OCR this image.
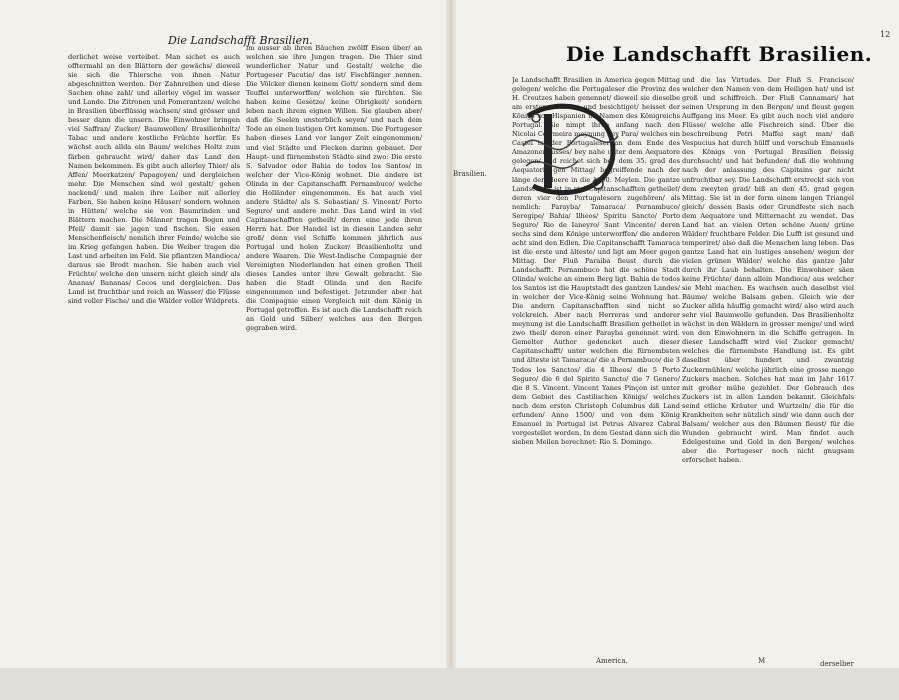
Die Landschafft Brasilien.

derlichet weise verteibet. Man sichet es auch offtermahl an den Blättern der gewächs/ dieweil sie sich die Thiersche von ihnen Natur abgeschnitten werden. Der Zahnreihen und diese Sachen ohne zahl/ und allerley vögel im wasser und Lande. Die Zitronen und Pomerantzen/ welche in Brasilien überflüssig wachsen/ sind grösser und besser dann die unsern. Die Einwohner bringen viel Saffran/ Zucker/ Baumwollen/ Brasilienholtz/ Tabac und andere kostliche Früchte herfür. Es wächst auch allda ein Baum/ welches Holtz zum färben gebraucht wird/ daher das Land den Namen bekommen. Es gibt auch allerley Thier/ als Affen/ Meerkatzen/ Papagoyen/ und dergleichen mehr. Die Menschen sind wol gestalt/ gehen nackend/ und malen ihre Leiber mit allerley Farben. Sie haben keine Häuser/ sondern wohnen in Hütten/ welche sie von Baumrinden und Blättern machen. Die Männer tragen Bogen und Pfeil/ damit sie jagen und fischen. Sie essen Menschenfleisch/ nemlich ihrer Feinde/ welche sie im Krieg gefangen haben. Die Weiber tragen die Last und arbeiten im Feld. Sie pflantzen Mandioca/ daraus sie Brodt machen. Sie haben auch viel Früchte/ welche den unsern nicht gleich sind/ als Ananas/ Bananas/ Cocos und dergleichen. Das Land ist fruchtbar und reich an Wasser/ die Flüsse sind voller Fische/ und die Wälder voller Wildprets.

im ausser ab ihren Bäuchen zwölff Eisen über/ an welchen sie ihre Jungen tragen. Die Thier sind wunderlicher Natur und Gestalt/ welche die Portugeser Pacutie/ das ist/ Fischfänger nennen. Die Völcker dienen keinem Gott/ sondern sind dem Teuffel unterworffen/ welchen sie fürchten. Sie haben keine Gesetze/ keine Obrigkeit/ sondern leben nach ihrem eignen Willen. Sie glauben aber/ daß die Seelen unsterblich seyen/ und nach dem Tode an einen lustigen Ort kommen. Die Portugeser haben dieses Land vor langer Zeit eingenommen/ und viel Städte und Flecken darinn gebauet. Der Haupt- und fürnembsten Städte sind zwo: Die erste S. Salvador oder Bahia de todos los Santos/ in welcher der Vice-König wohnet. Die andere ist Olinda in der Capitanschafft Pernambuco/ welche die Holländer eingenommen. Es hat auch viel andere Städte/ als S. Sebastian/ S. Vincent/ Porto Seguro/ und andere mehr. Das Land wird in viel Capitanschafften getheilt/ deren eine jede ihren Herrn hat. Der Handel ist in diesen Landen sehr groß/ denn viel Schiffe kommen jährlich aus Portugal und holen Zucker/ Brasilienholtz und andere Waaren. Die West-Indische Compagnie der Vereinigten Niederlanden hat einen großen Theil dieses Landes unter ihre Gewalt gebracht. Sie haben die Stadt Olinda und den Recife eingenommen und befestiget. Jetzunder aber hat die Compagnie einen Vergleich mit dem König in Portugal getroffen. Es ist auch die Landschafft reich an Gold und Silber/ welches aus den Bergen gegraben wird.

12
Die Landschafft Brasilien.
Brasilien.

Je Landschafft Brasilien in America gegen Mittag gelegen/ welche die Portugaleser die Provinz des H. Creutzes haben genennet/ dieweil sie dieselbe am ersten erfunden und besichtiget/ heisset der Königs von Hispanien im Namen des Königreichs Portugal. Sie nimpt ihren anfang nach den Nicolai Colymeira meynung bey Para/ welches ein Castel ist der Portugaleser an dem Ende des Amazonenflusses/ bey nahe unter dem Aequatore gelegen/ und reichet sich bey dem 35. grad des Aequatoris gen Mittag/ begreiffende nach der länge der Meere in die 1000. Meylen. Die gantze Landschafft ist in viel Capitanschafften getheilet/ deren vier den Portugalesern zugehören/ als nemlich: Parayba/ Tamaraca/ Pernambuco/ Seregipe/ Bahia/ Ilheos/ Spiritu Sancto/ Porto Seguro/ Rio de Ianeyro/ Sant Vincente/ deren sechs sind dem Könige unterworffen/ die anderen acht sind den Edlen. Die Capitanschafft Tamaraca ist die erste und älteste/ und ligt am Meer gegen Mittag. Der Fluß Paraiba fleust durch die Landschafft. Pernambuco hat die schöne Stadt Olinda/ welche an einem Berg ligt. Bahia de todos los Santos ist die Hauptstadt des gantzen Landes/ in welcher der Vice-König seine Wohnung hat. Die andern Capitanschafften sind nicht so volckreich. Aber nach Herreras und anderer meynung ist die Landschafft Brasilien getheilet in zwo theil/ deren einer Parayba genennet wird. Gemelter Author gedencket auch dieser Capitanschafft/ unter welchen die fürnembsten und älteste ist Tamaraca/ die a Pernambuco/ die 3 Todos los Sanctos/ die 4 Ilheos/ die 5 Porto Seguro/ die 6 del Spirito Sancto/ die 7 Genero/ die 8 S. Vincent. Vincent Yanes Pinçon ist unter dem Gebiet des Castilischen Königs/ welches nach dem ersten Christoph Columbus diß Land erfunden/ Anno 1500/ und von dem König Emanuel in Portugal ist Petrus Alvarez Cabral vorgestellet worden. In dem Gestad dann sich die sieben Meilen berechnet: Rio S. Domingo.

und die las Virtudes. Der Fluß S. Francisco/ welcher den Namen von dem Heiligen hat/ und ist groß und schiffreich. Der Fluß Cannamari/ hat seinen Ursprung in den Bergen/ und fleust gegen Auffgang ins Meer. Es gibt auch noch viel andere Flüsse/ welche alle Fischreich sind. Über die beschreibung Petri Maffei sagt man/ daß Vespucius hat durch hülff und vorschub Emanuels des Königs von Portugal Brasilien fleissig durchsucht/ und hat befunden/ daß die wohnung nach der anlassung des Capitains gar nicht unfruchtbar sey. Die Landschafft erstreckt sich von dem zweyten grad/ biß an den 45. grad gegen Mittag. Sie ist in der form einem langen Triangel gleich/ dessen Basis oder Grundfeste sich nach dem Aequatore und Mitternacht zu wendet. Das Land hat an vielen Orten schöne Auen/ grüne Wälder/ fruchtbare Felder. Die Lufft ist gesund und temperiret/ also daß die Menschen lang leben. Das gantze Land hat ein lustiges ansehen/ wegen der vielen grünen Wälder/ welche das gantze Jahr durch ihr Laub behalten. Die Einwohner säen keine Früchte/ dann allein Mandioca/ aus welcher sie Mehl machen. Es wachsen auch daselbst viel Bäume/ welche Balsam geben. Gleich wie der Zucker allda häuffig gemacht wird/ also wird auch sehr viel Baumwolle gefunden. Das Brasilienholtz wächst in den Wäldern in grosser menge/ und wird von den Einwohnern in die Schiffe getragen. In dieser Landschafft wird viel Zucker gemacht/ welches die fürnembste Handlung ist. Es gibt daselbst über hundert und zwantzig Zuckermühlen/ welche jährlich eine grosse menge Zuckers machen. Solches hat man im Jahr 1617 mit großer mühe gezehlet. Der Gebrauch des Zuckers ist in allen Landen bekannt. Gleichfals seind etliche Kräuter und Wurtzeln/ die für die Krankheiten sehr nützlich sind/ wie dann auch der Balsam/ welcher aus den Bäumen fleust/ für die Wunden gebraucht wird. Man findet auch Edelgesteine und Gold in den Bergen/ welches aber die Portugeser noch nicht gnugsam erforschet haben.

America.	M	derselber
